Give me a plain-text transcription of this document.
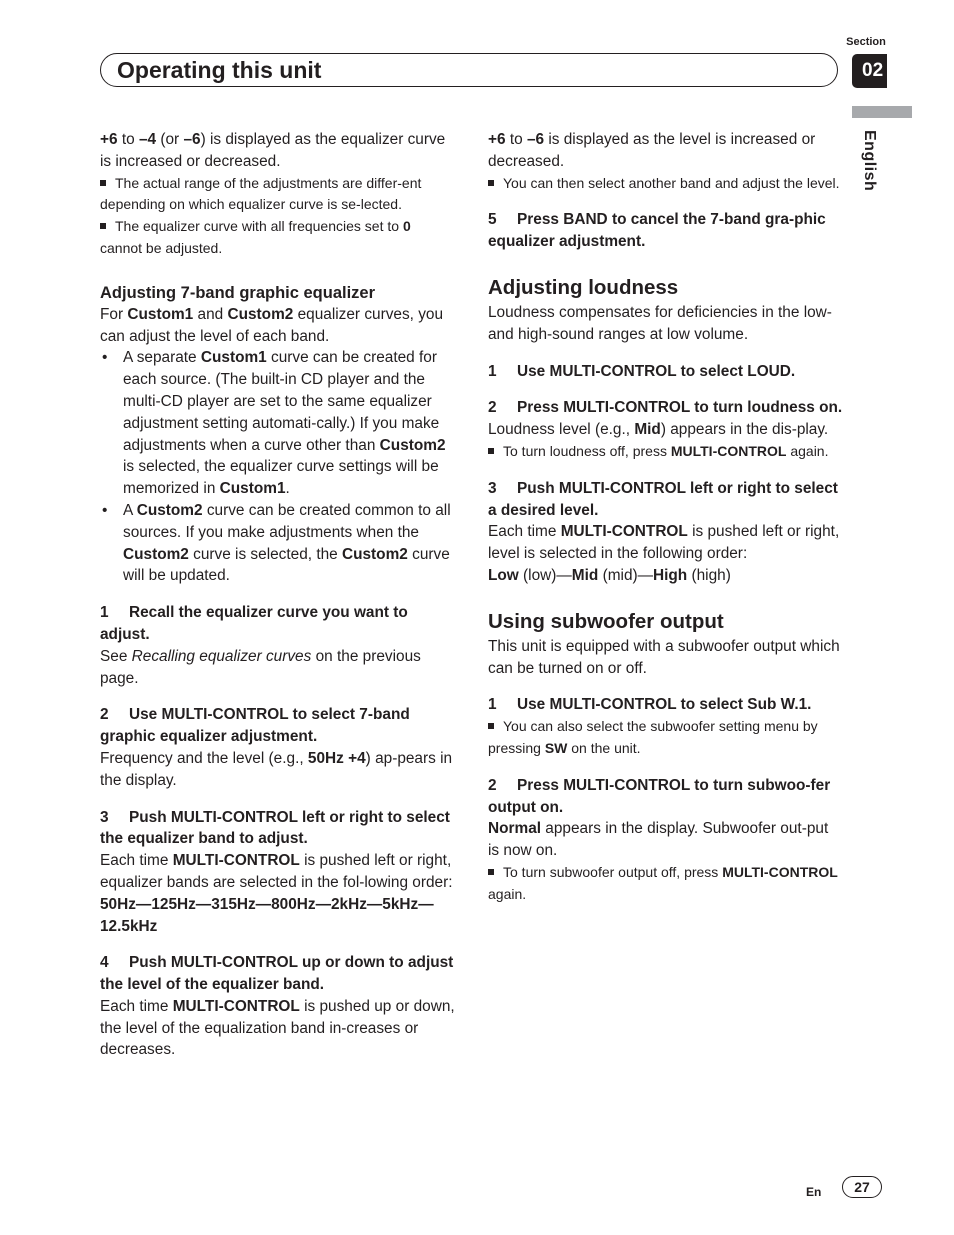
Operating this unit
Section
02
English

+6 to –4 (or –6) is displayed as the equalizer curve is increased or decreased.

The actual range of the adjustments are differ-ent depending on which equalizer curve is se-lected.

The equalizer curve with all frequencies set to 0 cannot be adjusted.

Adjusting 7-band graphic equalizer

For Custom1 and Custom2 equalizer curves, you can adjust the level of each band.

• A separate Custom1 curve can be created for each source. (The built-in CD player and the multi-CD player are set to the same equalizer adjustment setting automati-cally.) If you make adjustments when a curve other than Custom2 is selected, the equalizer curve settings will be memorized in Custom1.

• A Custom2 curve can be created common to all sources. If you make adjustments when the Custom2 curve is selected, the Custom2 curve will be updated.

1 Recall the equalizer curve you want to adjust.

See Recalling equalizer curves on the previous page.

2 Use MULTI-CONTROL to select 7-band graphic equalizer adjustment.

Frequency and the level (e.g., 50Hz +4) ap-pears in the display.

3 Push MULTI-CONTROL left or right to select the equalizer band to adjust.

Each time MULTI-CONTROL is pushed left or right, equalizer bands are selected in the fol-lowing order:

50Hz—125Hz—315Hz—800Hz—2kHz—5kHz—12.5kHz

4 Push MULTI-CONTROL up or down to adjust the level of the equalizer band.

Each time MULTI-CONTROL is pushed up or down, the level of the equalization band in-creases or decreases.

+6 to –6 is displayed as the level is increased or decreased.

You can then select another band and adjust the level.

5 Press BAND to cancel the 7-band gra-phic equalizer adjustment.

Adjusting loudness

Loudness compensates for deficiencies in the low- and high-sound ranges at low volume.

1 Use MULTI-CONTROL to select LOUD.

2 Press MULTI-CONTROL to turn loudness on.

Loudness level (e.g., Mid) appears in the dis-play.

To turn loudness off, press MULTI-CONTROL again.

3 Push MULTI-CONTROL left or right to select a desired level.

Each time MULTI-CONTROL is pushed left or right, level is selected in the following order:

Low (low)—Mid (mid)—High (high)

Using subwoofer output

This unit is equipped with a subwoofer output which can be turned on or off.

1 Use MULTI-CONTROL to select Sub W.1.

You can also select the subwoofer setting menu by pressing SW on the unit.

2 Press MULTI-CONTROL to turn subwoo-fer output on.

Normal appears in the display. Subwoofer out-put is now on.

To turn subwoofer output off, press MULTI-CONTROL again.

En	27
